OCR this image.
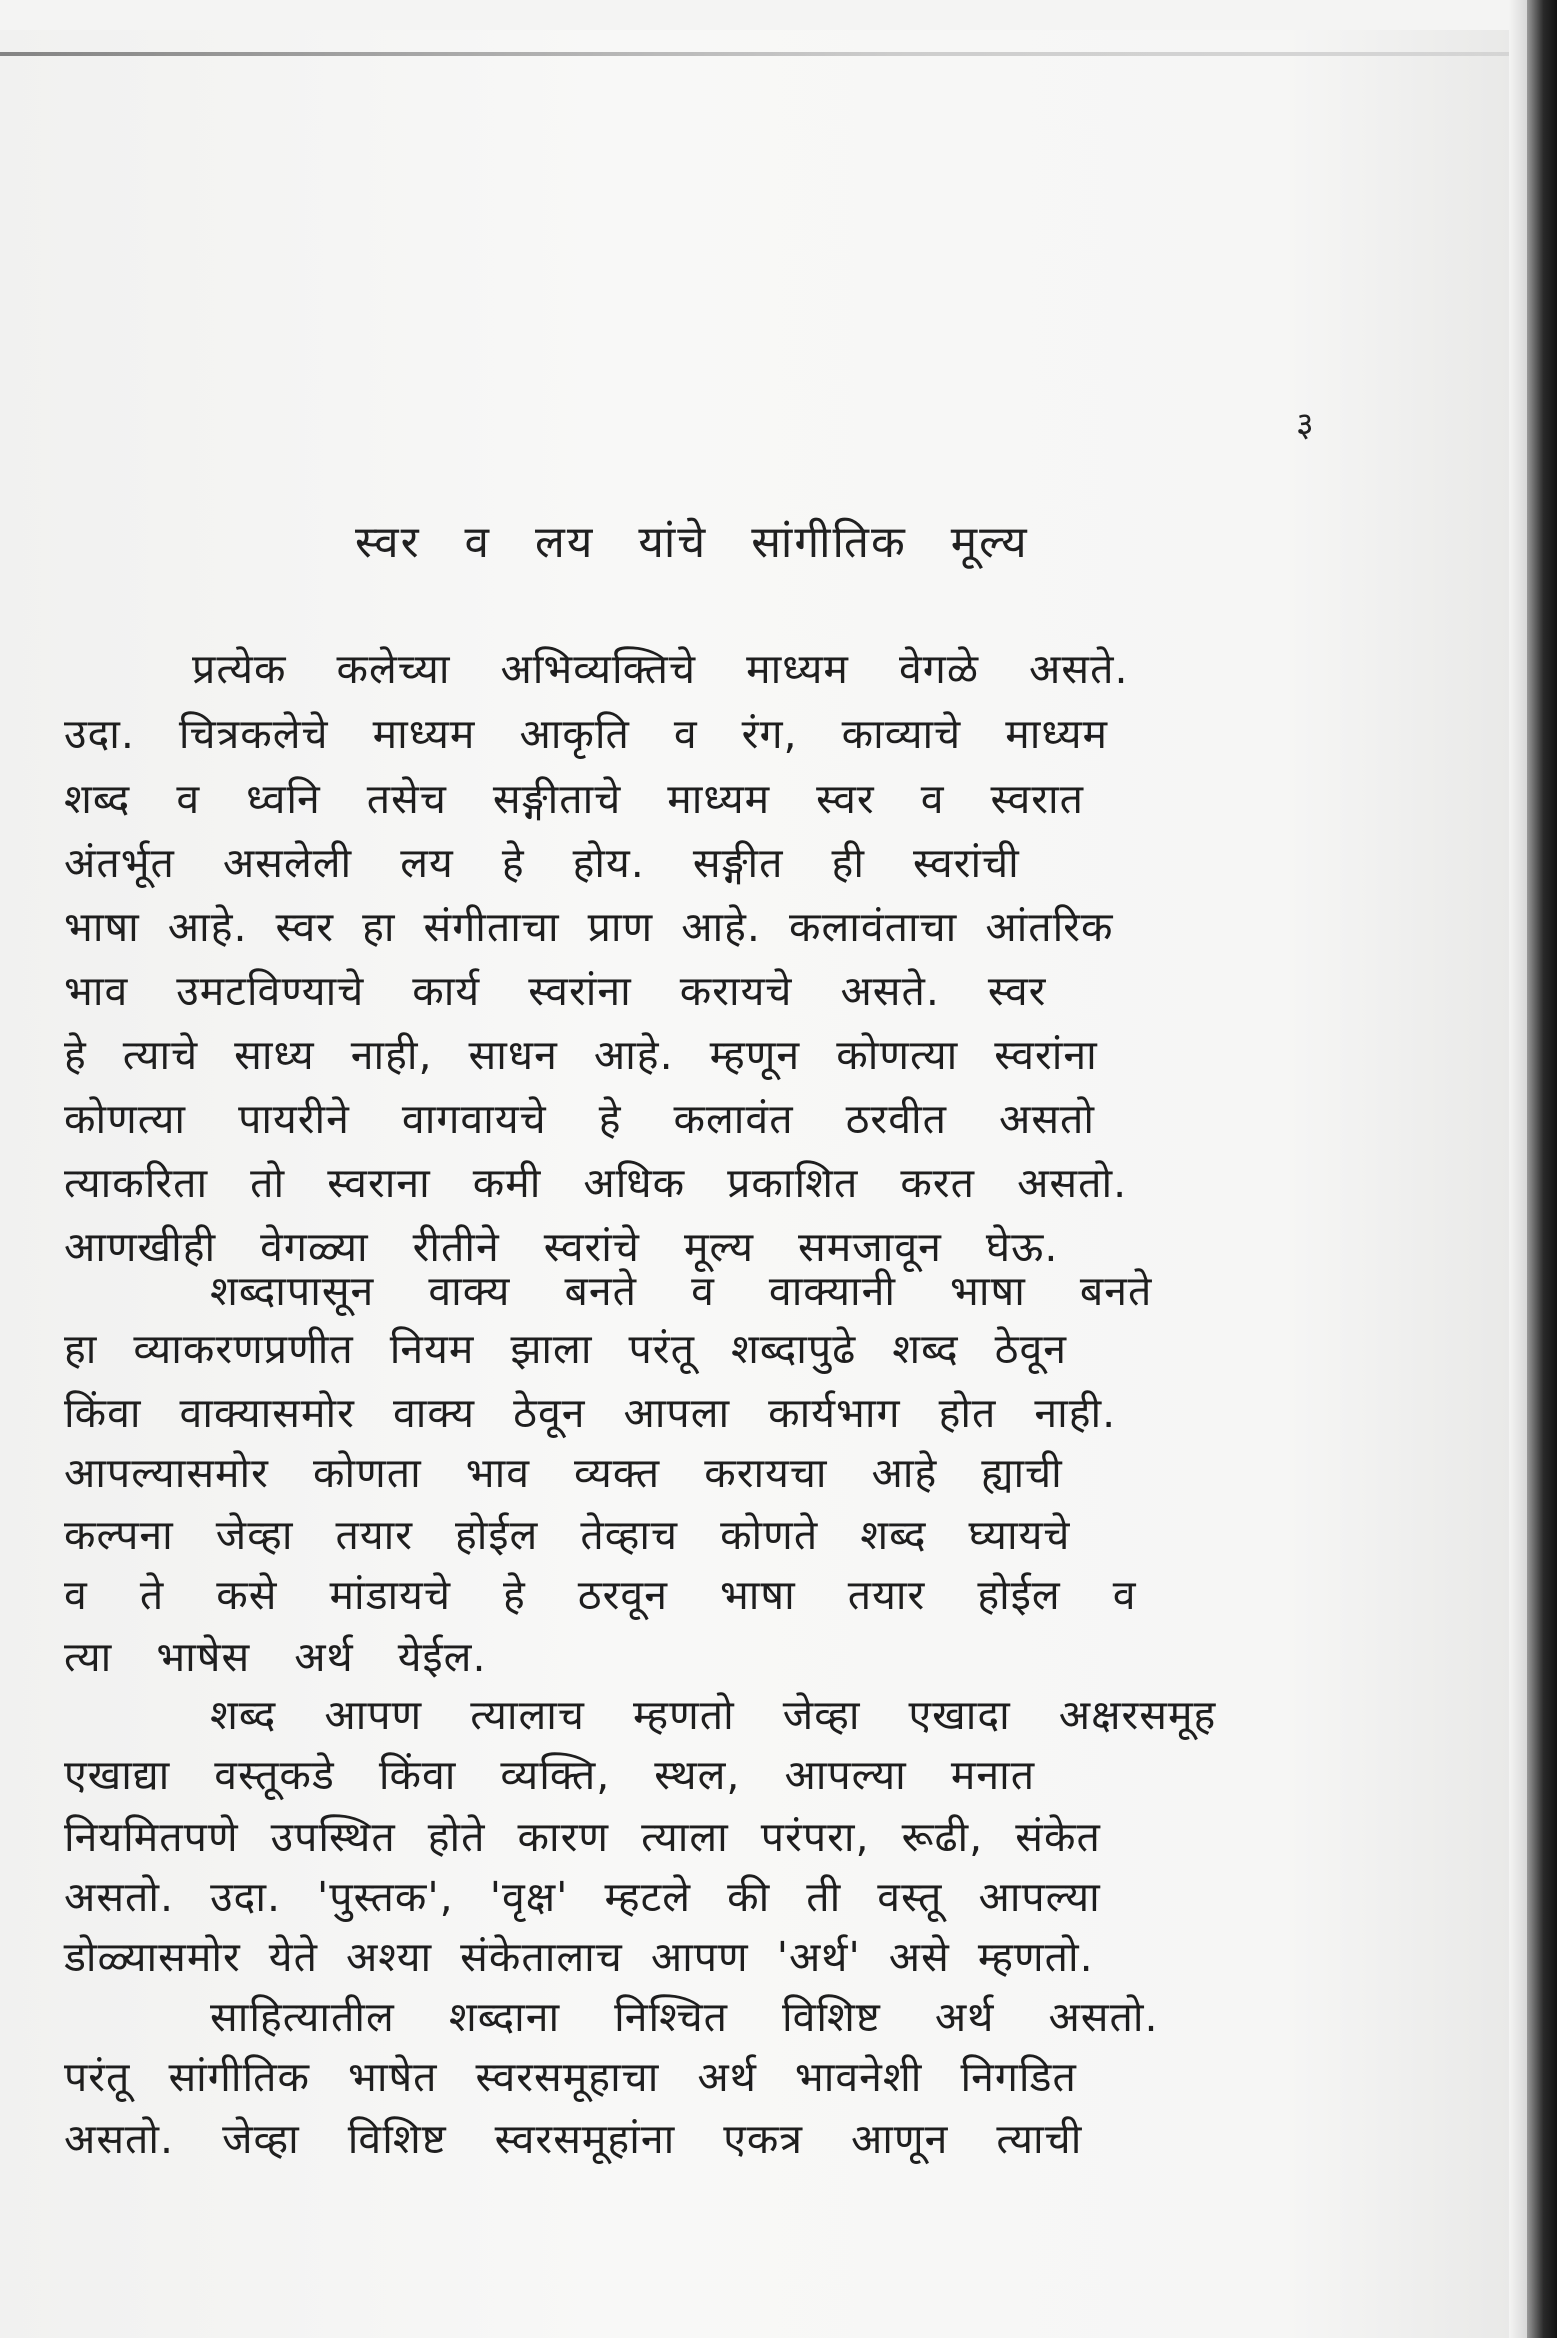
३
स्वर व लय यांचे सांगीतिक मूल्य
प्रत्येक कलेच्या अभिव्यक्तिचे माध्यम वेगळे असते.
उदा. चित्रकलेचे माध्यम आकृति व रंग, काव्याचे माध्यम
शब्द व ध्वनि तसेच सङ्गीताचे माध्यम स्वर व स्वरात
अंतर्भूत असलेली लय हे होय. सङ्गीत ही स्वरांची
भाषा आहे. स्वर हा संगीताचा प्राण आहे. कलावंताचा आंतरिक
भाव उमटविण्याचे कार्य स्वरांना करायचे असते. स्वर
हे त्याचे साध्य नाही, साधन आहे. म्हणून कोणत्या स्वरांना
कोणत्या पायरीने वागवायचे हे कलावंत ठरवीत असतो
त्याकरिता तो स्वराना कमी अधिक प्रकाशित करत असतो.
आणखीही वेगळ्या रीतीने स्वरांचे मूल्य समजावून घेऊ.
शब्दापासून वाक्य बनते व वाक्यानी भाषा बनते
हा व्याकरणप्रणीत नियम झाला परंतू शब्दापुढे शब्द ठेवून
किंवा वाक्यासमोर वाक्य ठेवून आपला कार्यभाग होत नाही.
आपल्यासमोर कोणता भाव व्यक्त करायचा आहे ह्याची
कल्पना जेव्हा तयार होईल तेव्हाच कोणते शब्द घ्यायचे
व ते कसे मांडायचे हे ठरवून भाषा तयार होईल व
त्या भाषेस अर्थ येईल.
शब्द आपण त्यालाच म्हणतो जेव्हा एखादा अक्षरसमूह
एखाद्या वस्तूकडे किंवा व्यक्ति, स्थल, आपल्या मनात
नियमितपणे उपस्थित होते कारण त्याला परंपरा, रूढी, संकेत
असतो. उदा. 'पुस्तक', 'वृक्ष' म्हटले की ती वस्तू आपल्या
डोळ्यासमोर येते अश्या संकेतालाच आपण 'अर्थ' असे म्हणतो.
साहित्यातील शब्दाना निश्चित विशिष्ट अर्थ असतो.
परंतू सांगीतिक भाषेत स्वरसमूहाचा अर्थ भावनेशी निगडित
असतो. जेव्हा विशिष्ट स्वरसमूहांना एकत्र आणून त्याची
